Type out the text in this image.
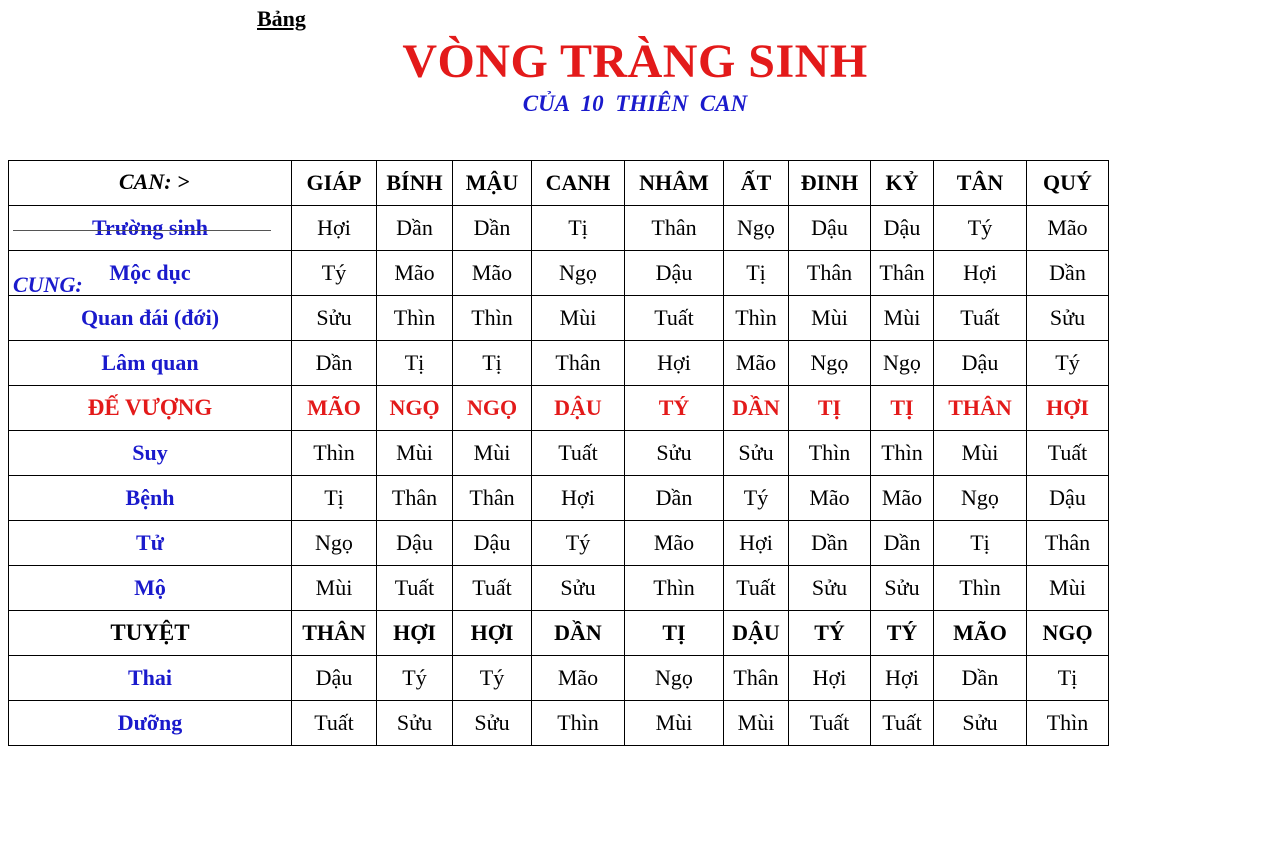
Bảng
VÒNG TRÀNG SINH
CỦA 10 THIÊN CAN
CAN: >
CUNG:	GIÁP	BÍNH	MẬU	CANH	NHÂM	ẤT	ĐINH	KỶ	TÂN	QUÝ
Trường sinh	Hợi	Dần	Dần	Tị	Thân	Ngọ	Dậu	Dậu	Tý	Mão
Mộc dục	Tý	Mão	Mão	Ngọ	Dậu	Tị	Thân	Thân	Hợi	Dần
Quan đái (đới)	Sửu	Thìn	Thìn	Mùi	Tuất	Thìn	Mùi	Mùi	Tuất	Sửu
Lâm quan	Dần	Tị	Tị	Thân	Hợi	Mão	Ngọ	Ngọ	Dậu	Tý
ĐẾ VƯỢNG	MÃO	NGỌ	NGỌ	DẬU	TÝ	DẦN	TỊ	TỊ	THÂN	HỢI
Suy	Thìn	Mùi	Mùi	Tuất	Sửu	Sửu	Thìn	Thìn	Mùi	Tuất
Bệnh	Tị	Thân	Thân	Hợi	Dần	Tý	Mão	Mão	Ngọ	Dậu
Tử	Ngọ	Dậu	Dậu	Tý	Mão	Hợi	Dần	Dần	Tị	Thân
Mộ	Mùi	Tuất	Tuất	Sửu	Thìn	Tuất	Sửu	Sửu	Thìn	Mùi
TUYỆT	THÂN	HỢI	HỢI	DẦN	TỊ	DẬU	TÝ	TÝ	MÃO	NGỌ
Thai	Dậu	Tý	Tý	Mão	Ngọ	Thân	Hợi	Hợi	Dần	Tị
Dưỡng	Tuất	Sửu	Sửu	Thìn	Mùi	Mùi	Tuất	Tuất	Sửu	Thìn
